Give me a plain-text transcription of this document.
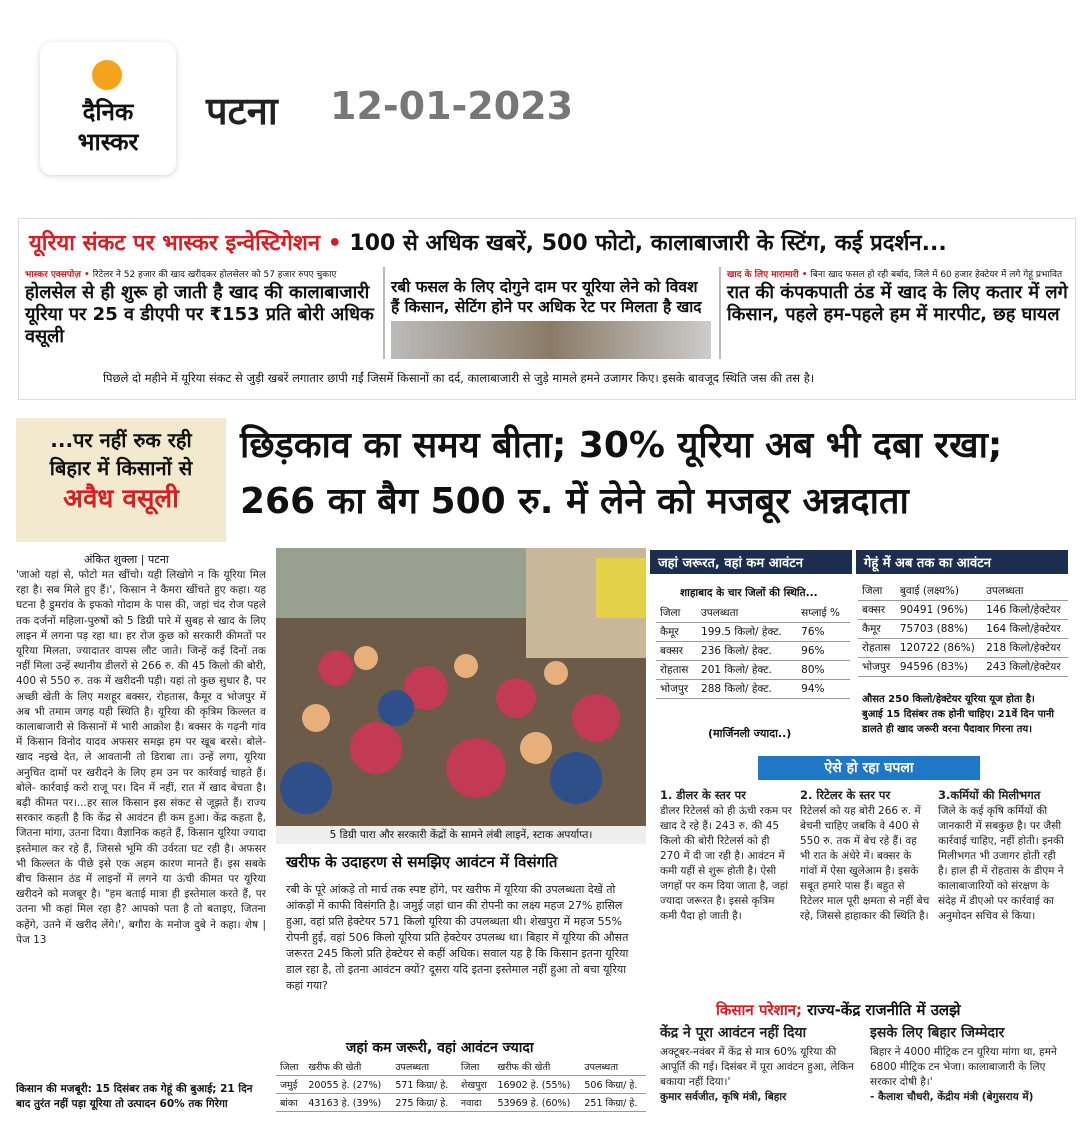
दैनिक
भास्कर
पटना 12-01-2023
यूरिया संकट पर भास्कर इन्वेस्टिगेशन • 100 से अधिक खबरें, 500 फोटो, कालाबाजारी के स्टिंग, कई प्रदर्शन...
भास्कर एक्सपोज़ • रिटेलर ने 52 हजार की खाद खरीदकर होलसेलर को 57 हजार रुपए चुकाए
होलसेल से ही शुरू हो जाती है खाद की कालाबाजारी यूरिया पर 25 व डीएपी पर ₹153 प्रति बोरी अधिक वसूली
रबी फसल के लिए दोगुने दाम पर यूरिया लेने को विवश हैं किसान, सेटिंग होने पर अधिक रेट पर मिलता है खाद
खाद के लिए मारामारी • बिना खाद फसल हो रही बर्बाद, जिले में 60 हजार हेक्टेयर में लगे गेहूं प्रभावित
रात की कंपकपाती ठंड में खाद के लिए कतार में लगे किसान, पहले हम-पहले हम में मारपीट, छह घायल
पिछले दो महीने में यूरिया संकट से जुड़ी खबरें लगातार छापी गईं जिसमें किसानों का दर्द, कालाबाजारी से जुड़े मामले हमने उजागर किए। इसके बावजूद स्थिति जस की तस है।
...पर नहीं रुक रही
बिहार में किसानों से
अवैध वसूली
छिड़काव का समय बीता; 30% यूरिया अब भी दबा रखा; 266 का बैग 500 रु. में लेने को मजबूर अन्नदाता
अंकित शुक्ला | पटना
'जाओ यहां से, फोटो मत खींचो। यही लिखोगे न कि यूरिया मिल रहा है। सब मिले हुए हैं।', किसान ने कैमरा खींचते हुए कहा। यह घटना है डुमरांव के इफको गोदाम के पास की, जहां चंद रोज पहले तक दर्जनों महिला-पुरुषों को 5 डिग्री पारे में सुबह से खाद के लिए लाइन में लगना पड़ रहा था। हर रोज कुछ को सरकारी कीमतों पर यूरिया मिलता, ज्यादातर वापस लौट जाते। जिन्हें कई दिनों तक नहीं मिला उन्हें स्थानीय डीलरों से 266 रु. की 45 किलो की बोरी, 400 से 550 रु. तक में खरीदनी पड़ी। यहां तो कुछ सुधार है, पर अच्छी खेती के लिए मशहूर बक्सर, रोहतास, कैमूर व भोजपुर में अब भी तमाम जगह यही स्थिति है। यूरिया की कृत्रिम किल्लत व कालाबाजारी से किसानों में भारी आक्रोश है। बक्सर के गढ़नी गांव में किसान विनोद यादव अफसर समझ हम पर खूब बरसे। बोले- खाद नइखे देत, ले आवतानी तो डिराबा ता। उन्हें लगा, यूरिया अनुचित दामों पर खरीदने के लिए हम उन पर कार्रवाई चाहते हैं। बोले- कार्रवाई करो राजू पर। दिन में नहीं, रात में खाद बेचता है। बढ़ी कीमत पर।...हर साल किसान इस संकट से जूझते हैं। राज्य सरकार कहती है कि केंद्र से आवंटन ही कम हुआ। केंद्र कहता है, जितना मांगा, उतना दिया। वैज्ञानिक कहते हैं, किसान यूरिया ज्यादा इस्तेमाल कर रहे हैं, जिससे भूमि की उर्वरता घट रही है। अफसर भी किल्लत के पीछे इसे एक अहम कारण मानते हैं। इस सबके बीच किसान ठंड में लाइनों में लगने या ऊंची कीमत पर यूरिया खरीदने को मजबूर है। "हम बताई मात्रा ही इस्तेमाल करते हैं, पर उतना भी कहां मिल रहा है? आपको पता है तो बताइए, जितना कहेंगे, उतने में खरीद लेंगे।', बगौरा के मनोज दुबे ने कहा। शेष | पेज 13
किसान की मजबूरी: 15 दिसंबर तक गेहूं की बुआई; 21 दिन बाद तुरंत नहीं पड़ा यूरिया तो उत्पादन 60% तक गिरेगा
5 डिग्री पारा और सरकारी केंद्रों के सामने लंबी लाइनें, स्टाक अपर्याप्त।
खरीफ के उदाहरण से समझिए आवंटन में विसंगति
रबी के पूरे आंकड़े तो मार्च तक स्पष्ट होंगे, पर खरीफ में यूरिया की उपलब्धता देखें तो आंकड़ों में काफी विसंगति है। जमुई जहां धान की रोपनी का लक्ष्य महज 27% हासिल हुआ, वहां प्रति हेक्टेयर 571 किलो यूरिया की उपलब्धता थी। शेखपुरा में महज 55% रोपनी हुई, वहां 506 किलो यूरिया प्रति हेक्टेयर उपलब्ध था। बिहार में यूरिया की औसत जरूरत 245 किलो प्रति हेक्टेयर से कहीं अधिक। सवाल यह है कि किसान इतना यूरिया डाल रहा है, तो इतना आवंटन क्यों? दूसरा यदि इतना इस्तेमाल नहीं हुआ तो बचा यूरिया कहां गया?
जहां कम जरूरी, वहां आवंटन ज्यादा
जिला	खरीफ की खेती	उपलब्धता	जिला	खरीफ की खेती	उपलब्धता
जमुई	20055 हे. (27%)	571 किग्रा/ हे.	शेखपुरा	16902 हे. (55%)	506 किग्रा/ हे.
बांका	43163 हे. (39%)	275 किग्रा/ हे.	नवादा	53969 हे. (60%)	251 किग्रा/ हे.
जहां जरूरत, वहां कम आवंटन
शाहाबाद के चार जिलों की स्थिति...
जिला	उपलब्धता	सप्लाई %
कैमूर	199.5 किलो/ हेक्ट.	76%
बक्सर	236 किलो/ हेक्ट.	96%
रोहतास	201 किलो/ हेक्ट.	80%
भोजपुर	288 किलो/ हेक्ट.	94%
(मार्जिनली ज्यादा..)
गेहूं में अब तक का आवंटन
जिला	बुवाई (लक्ष्य%)	उपलब्धता
बक्सर	90491 (96%)	146 किलो/हेक्टेयर
कैमूर	75703 (88%)	164 किलो/हेक्टेयर
रोहतास	120722 (86%)	218 किलो/हेक्टेयर
भोजपुर	94596 (83%)	243 किलो/हेक्टेयर
औसत 250 किलो/हेक्टेयर यूरिया यूज होता है।
बुआई 15 दिसंबर तक होनी चाहिए। 21वें दिन पानी डालते ही खाद जरूरी वरना पैदावार गिरना तय।
ऐसे हो रहा घपला
1. डीलर के स्तर पर
डीलर रिटेलर्स को ही ऊंची रकम पर खाद दे रहे हैं। 243 रु. की 45 किलो की बोरी रिटेलर्स को ही 270 में दी जा रही है। आवंटन में कमी यहीं से शुरू होती है। ऐसी जगहों पर कम दिया जाता है, जहां ज्यादा जरूरत है। इससे कृत्रिम कमी पैदा हो जाती है।
2. रिटेलर के स्तर पर
रिटेलर्स को यह बोरी 266 रु. में बेचनी चाहिए जबकि वे 400 से 550 रु. तक में बेच रहे हैं। वह भी रात के अंधेरे में। बक्सर के गांवों में ऐसा खुलेआम है। इसके सबूत हमारे पास हैं। बहुत से रिटेलर माल पूरी क्षमता से नहीं बेच रहे, जिससे हाहाकार की स्थिति है।
3.कर्मियों की मिलीभगत
जिले के कई कृषि कर्मियों की जानकारी में सबकुछ है। पर जैसी कार्रवाई चाहिए, नहीं होती। इनकी मिलीभगत भी उजागर होती रही है। हाल ही में रोहतास के डीएम ने कालाबाजारियों को संरक्षण के संदेह में डीएओ पर कार्रवाई का अनुमोदन सचिव से किया।
किसान परेशान; राज्य-केंद्र राजनीति में उलझे
केंद्र ने पूरा आवंटन नहीं दिया
अक्टूबर-नवंबर में केंद्र से मात्र 60% यूरिया की आपूर्ति की गई। दिसंबर में पूरा आवंटन हुआ, लेकिन बकाया नहीं दिया।'
कुमार सर्वजीत, कृषि मंत्री, बिहार
इसके लिए बिहार जिम्मेदार
बिहार ने 4000 मीट्रिक टन यूरिया मांगा था, हमने 6800 मीट्रिक टन भेजा। कालाबाजारी के लिए सरकार दोषी है।'
- कैलाश चौधरी, केंद्रीय मंत्री (बेगुसराय में)
